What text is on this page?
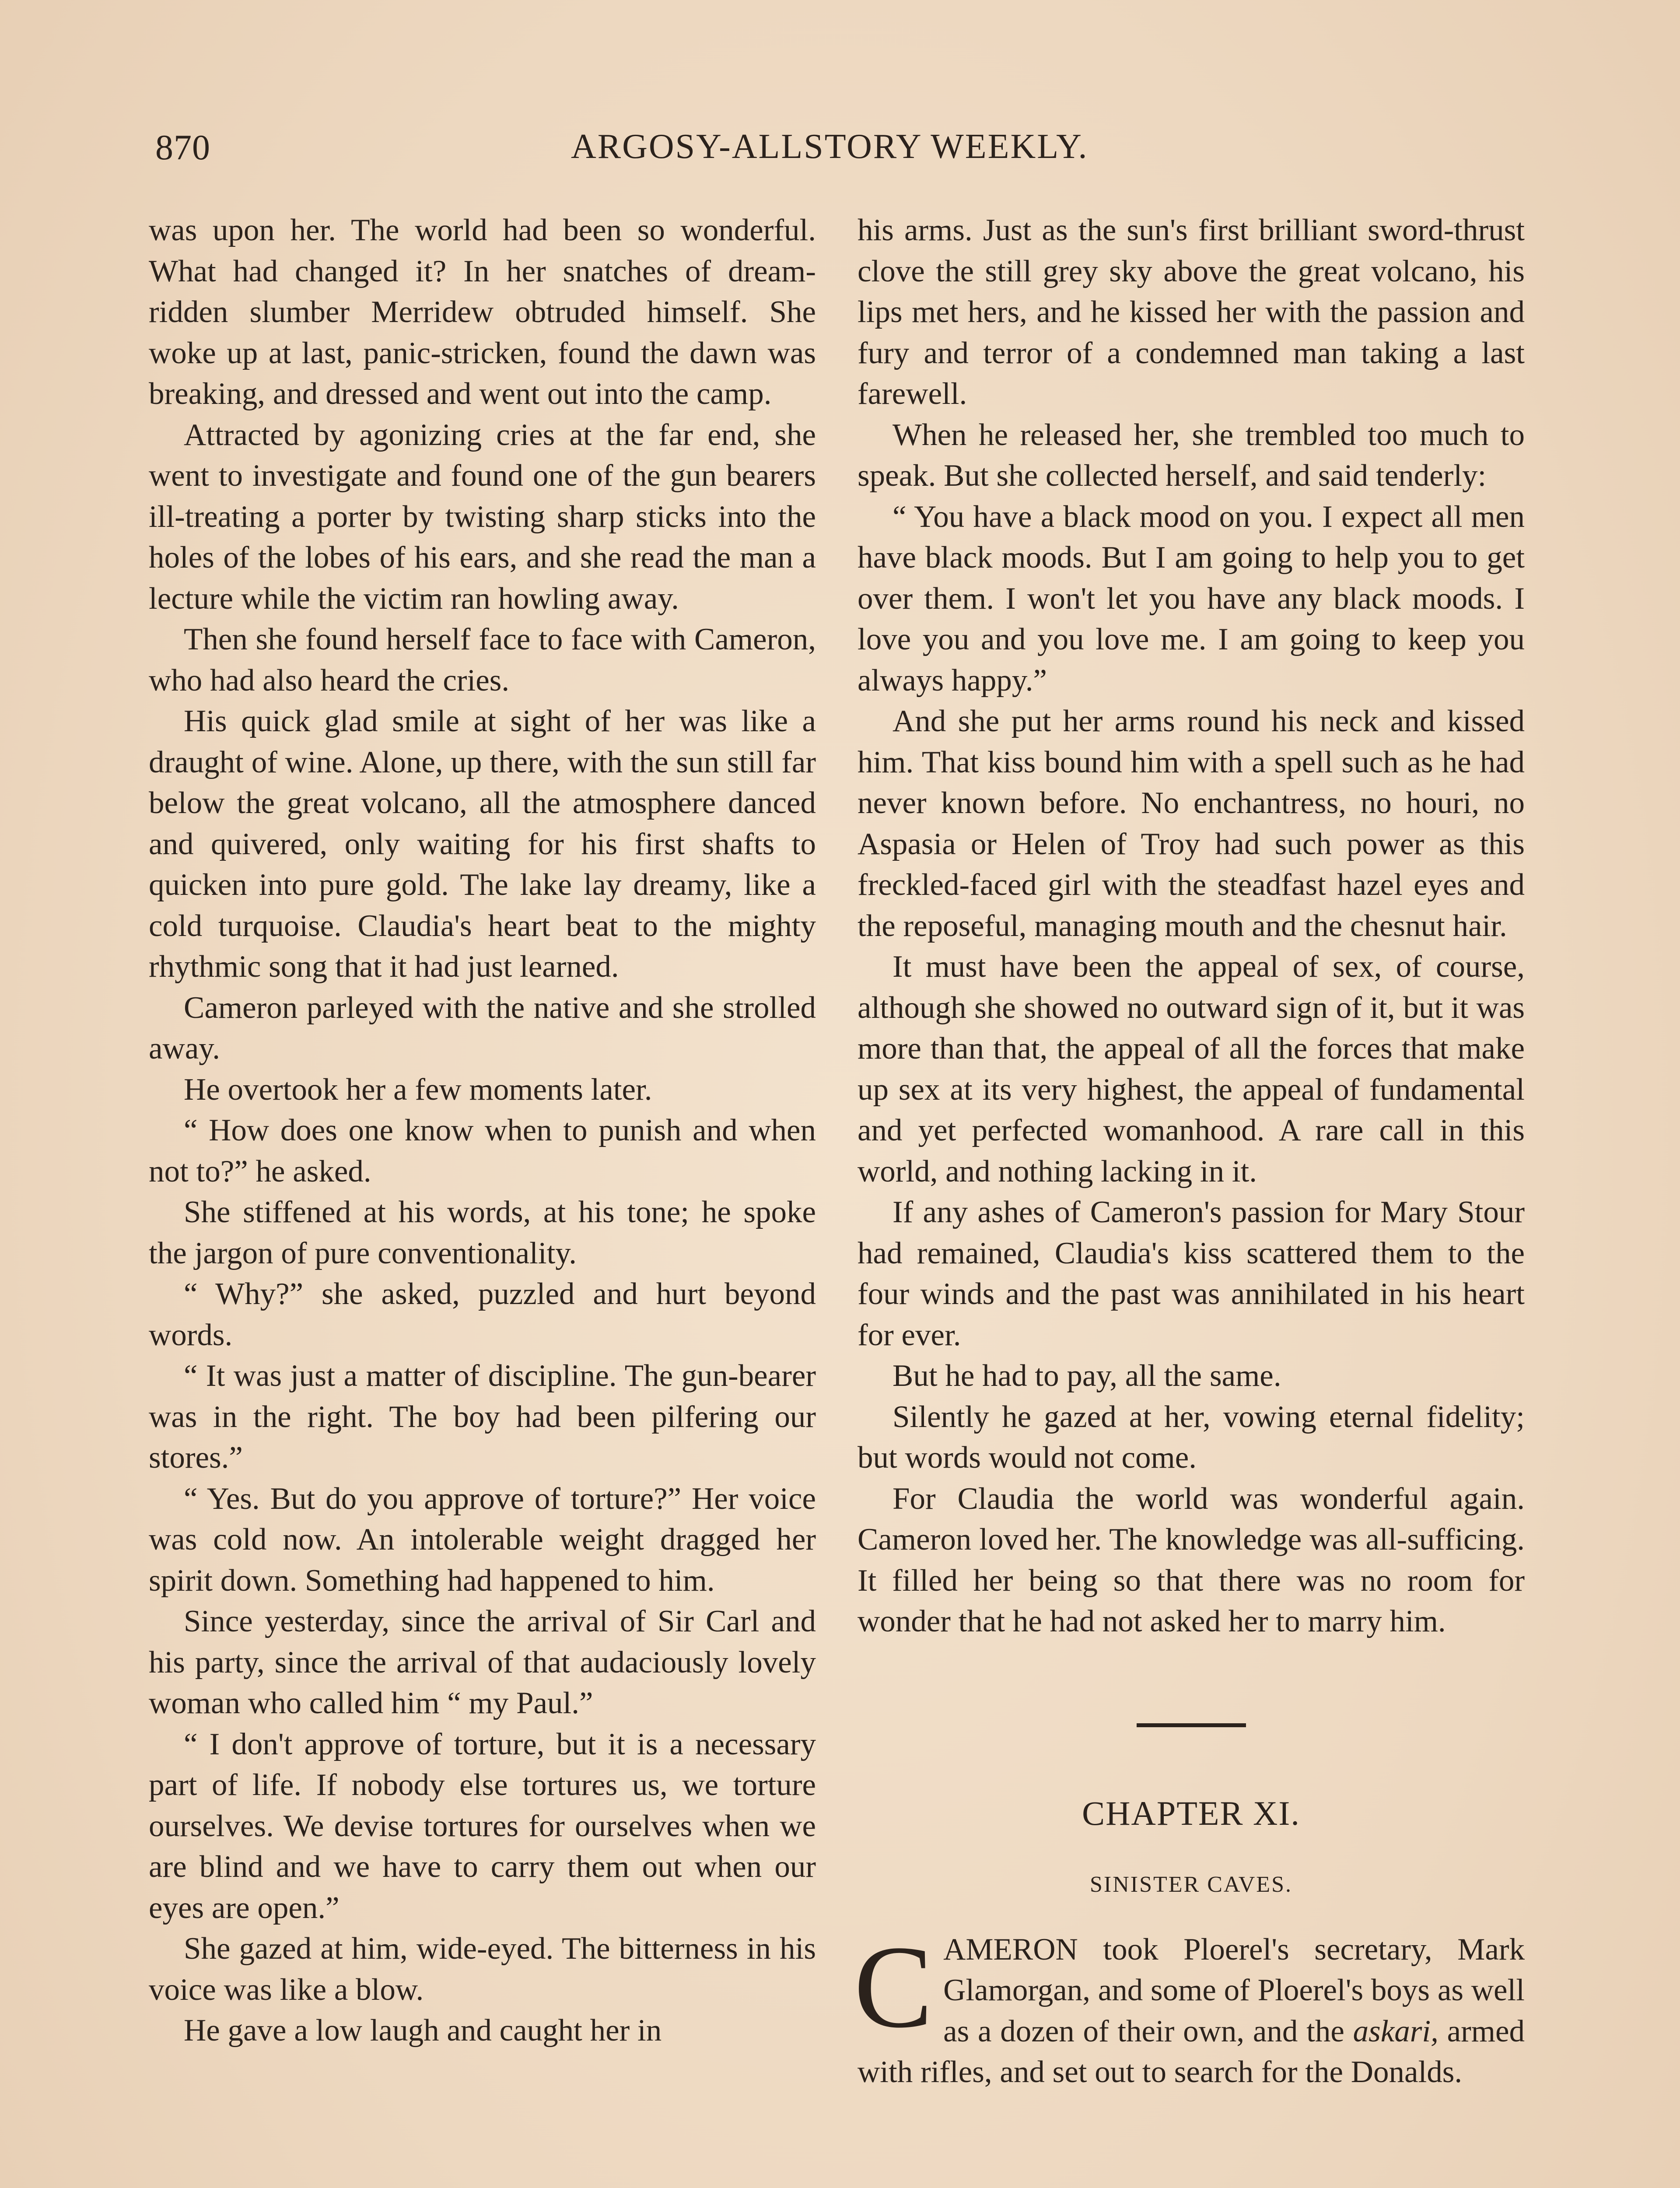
870	ARGOSY-ALLSTORY WEEKLY.

was upon her. The world had been so wonderful. What had changed it? In her snatches of dream-ridden slumber Merridew obtruded himself. She woke up at last, panic-stricken, found the dawn was breaking, and dressed and went out into the camp.

Attracted by agonizing cries at the far end, she went to investigate and found one of the gun bearers ill-treating a porter by twisting sharp sticks into the holes of the lobes of his ears, and she read the man a lecture while the victim ran howling away.

Then she found herself face to face with Cameron, who had also heard the cries.

His quick glad smile at sight of her was like a draught of wine. Alone, up there, with the sun still far below the great volcano, all the atmosphere danced and quivered, only waiting for his first shafts to quicken into pure gold. The lake lay dreamy, like a cold turquoise. Claudia's heart beat to the mighty rhythmic song that it had just learned.

Cameron parleyed with the native and she strolled away.

He overtook her a few moments later.

“ How does one know when to punish and when not to?” he asked.

She stiffened at his words, at his tone; he spoke the jargon of pure conventionality.

“ Why?” she asked, puzzled and hurt beyond words.

“ It was just a matter of discipline. The gun-bearer was in the right. The boy had been pilfering our stores.”

“ Yes. But do you approve of torture?” Her voice was cold now. An intolerable weight dragged her spirit down. Something had happened to him.

Since yesterday, since the arrival of Sir Carl and his party, since the arrival of that audaciously lovely woman who called him “ my Paul.”

“ I don't approve of torture, but it is a necessary part of life. If nobody else tortures us, we torture ourselves. We devise tortures for ourselves when we are blind and we have to carry them out when our eyes are open.”

She gazed at him, wide-eyed. The bitterness in his voice was like a blow.

He gave a low laugh and caught her in

his arms. Just as the sun's first brilliant sword-thrust clove the still grey sky above the great volcano, his lips met hers, and he kissed her with the passion and fury and terror of a condemned man taking a last farewell.

When he released her, she trembled too much to speak. But she collected herself, and said tenderly:

“ You have a black mood on you. I expect all men have black moods. But I am going to help you to get over them. I won't let you have any black moods. I love you and you love me. I am going to keep you always happy.”

And she put her arms round his neck and kissed him. That kiss bound him with a spell such as he had never known before. No enchantress, no houri, no Aspasia or Helen of Troy had such power as this freckled-faced girl with the steadfast hazel eyes and the reposeful, managing mouth and the chesnut hair.

It must have been the appeal of sex, of course, although she showed no outward sign of it, but it was more than that, the appeal of all the forces that make up sex at its very highest, the appeal of fundamental and yet perfected womanhood. A rare call in this world, and nothing lacking in it.

If any ashes of Cameron's passion for Mary Stour had remained, Claudia's kiss scattered them to the four winds and the past was annihilated in his heart for ever.

But he had to pay, all the same.

Silently he gazed at her, vowing eternal fidelity; but words would not come.

For Claudia the world was wonderful again. Cameron loved her. The knowledge was all-sufficing. It filled her being so that there was no room for wonder that he had not asked her to marry him.

CHAPTER XI.
SINISTER CAVES.

CAMERON took Ploerel's secretary, Mark Glamorgan, and some of Ploerel's boys as well as a dozen of their own, and the askari, armed with rifles, and set out to search for the Donalds.
